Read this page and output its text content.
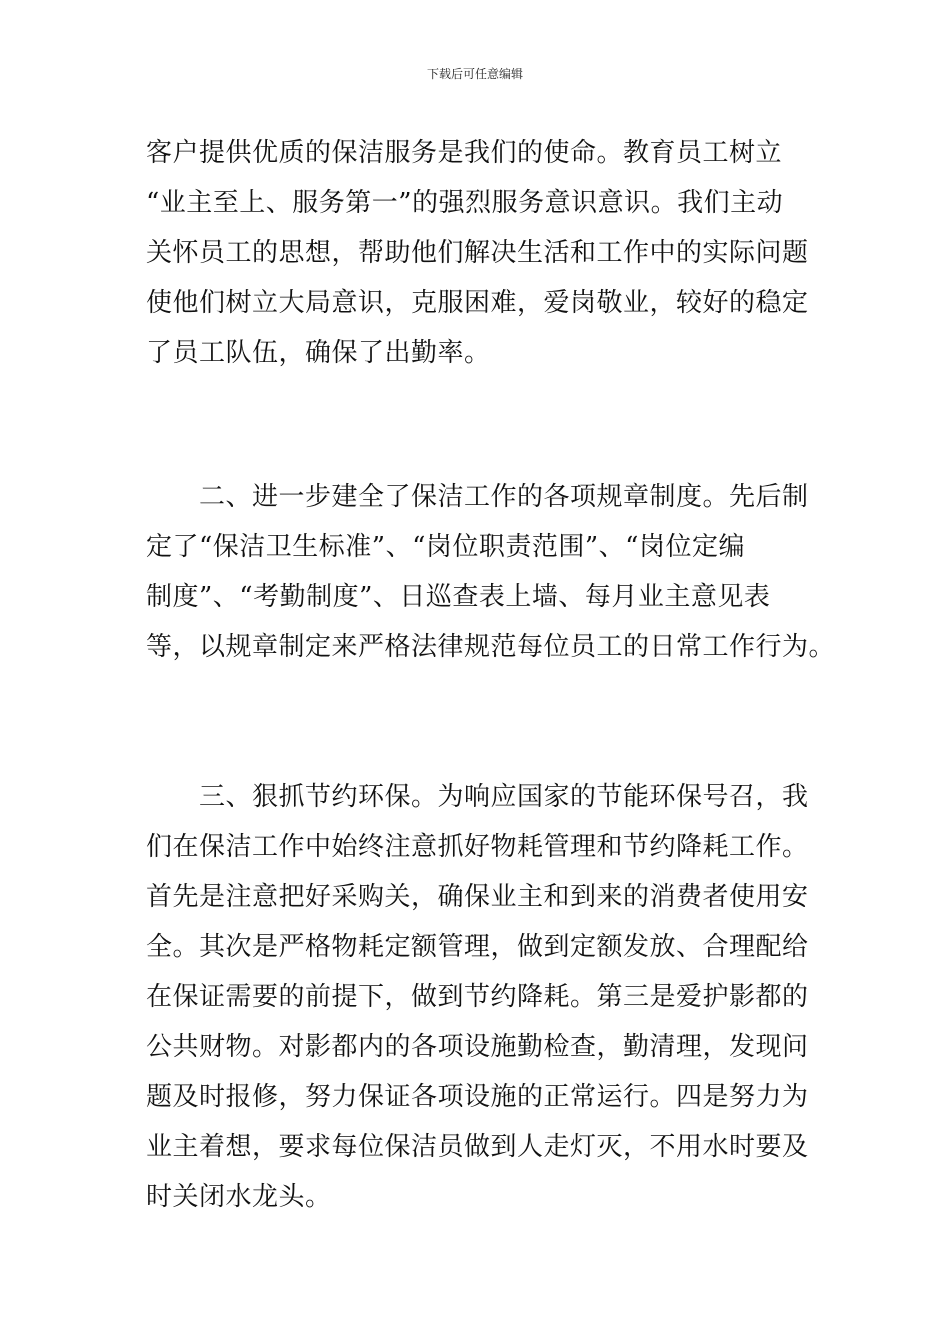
下载后可任意编辑
客户提供优质的保洁服务是我们的使命。教育员工树立
“业主至上、服务第一”的强烈服务意识意识。我们主动
关怀员工的思想，帮助他们解决生活和工作中的实际问题
使他们树立大局意识，克服困难，爱岗敬业，较好的稳定
了员工队伍，确保了出勤率。
　　二、进一步建全了保洁工作的各项规章制度。先后制
定了“保洁卫生标准”、“岗位职责范围”、“岗位定编
制度”、“考勤制度”、日巡查表上墙、每月业主意见表
等，以规章制定来严格法律规范每位员工的日常工作行为。
　　三、狠抓节约环保。为响应国家的节能环保号召，我
们在保洁工作中始终注意抓好物耗管理和节约降耗工作。
首先是注意把好采购关，确保业主和到来的消费者使用安
全。其次是严格物耗定额管理，做到定额发放、合理配给
在保证需要的前提下，做到节约降耗。第三是爱护影都的
公共财物。对影都内的各项设施勤检查，勤清理，发现问
题及时报修，努力保证各项设施的正常运行。四是努力为
业主着想，要求每位保洁员做到人走灯灭，不用水时要及
时关闭水龙头。
